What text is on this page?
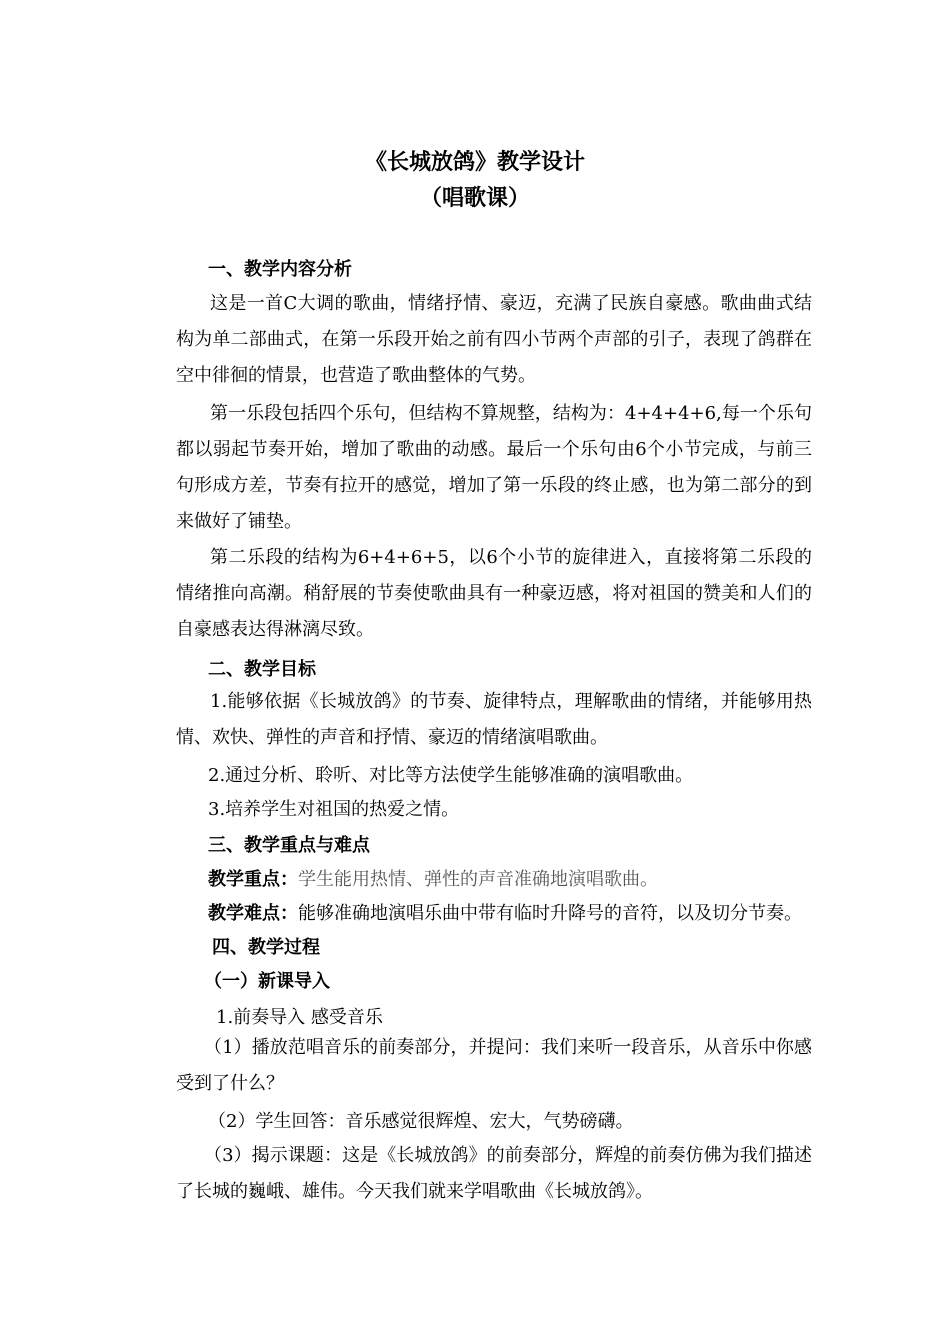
《长城放鸽》教学设计
（唱歌课）
一、教学内容分析
这是一首C大调的歌曲，情绪抒情、豪迈，充满了民族自豪感。歌曲曲式结构为单二部曲式，在第一乐段开始之前有四小节两个声部的引子，表现了鸽群在空中徘徊的情景，也营造了歌曲整体的气势。
第一乐段包括四个乐句，但结构不算规整，结构为：4+4+4+6,每一个乐句都以弱起节奏开始，增加了歌曲的动感。最后一个乐句由6个小节完成，与前三句形成方差，节奏有拉开的感觉，增加了第一乐段的终止感，也为第二部分的到来做好了铺垫。
第二乐段的结构为6+4+6+5，以6个小节的旋律进入，直接将第二乐段的情绪推向高潮。稍舒展的节奏使歌曲具有一种豪迈感，将对祖国的赞美和人们的自豪感表达得淋漓尽致。
二、教学目标
1.能够依据《长城放鸽》的节奏、旋律特点，理解歌曲的情绪，并能够用热情、欢快、弹性的声音和抒情、豪迈的情绪演唱歌曲。
2.通过分析、聆听、对比等方法使学生能够准确的演唱歌曲。
3.培养学生对祖国的热爱之情。
三、教学重点与难点
教学重点：学生能用热情、弹性的声音准确地演唱歌曲。
教学难点：能够准确地演唱乐曲中带有临时升降号的音符，以及切分节奏。
四、教学过程
（一）新课导入
1.前奏导入 感受音乐
（1）播放范唱音乐的前奏部分，并提问：我们来听一段音乐，从音乐中你感受到了什么？
（2）学生回答：音乐感觉很辉煌、宏大，气势磅礴。
（3）揭示课题：这是《长城放鸽》的前奏部分，辉煌的前奏仿佛为我们描述了长城的巍峨、雄伟。今天我们就来学唱歌曲《长城放鸽》。
